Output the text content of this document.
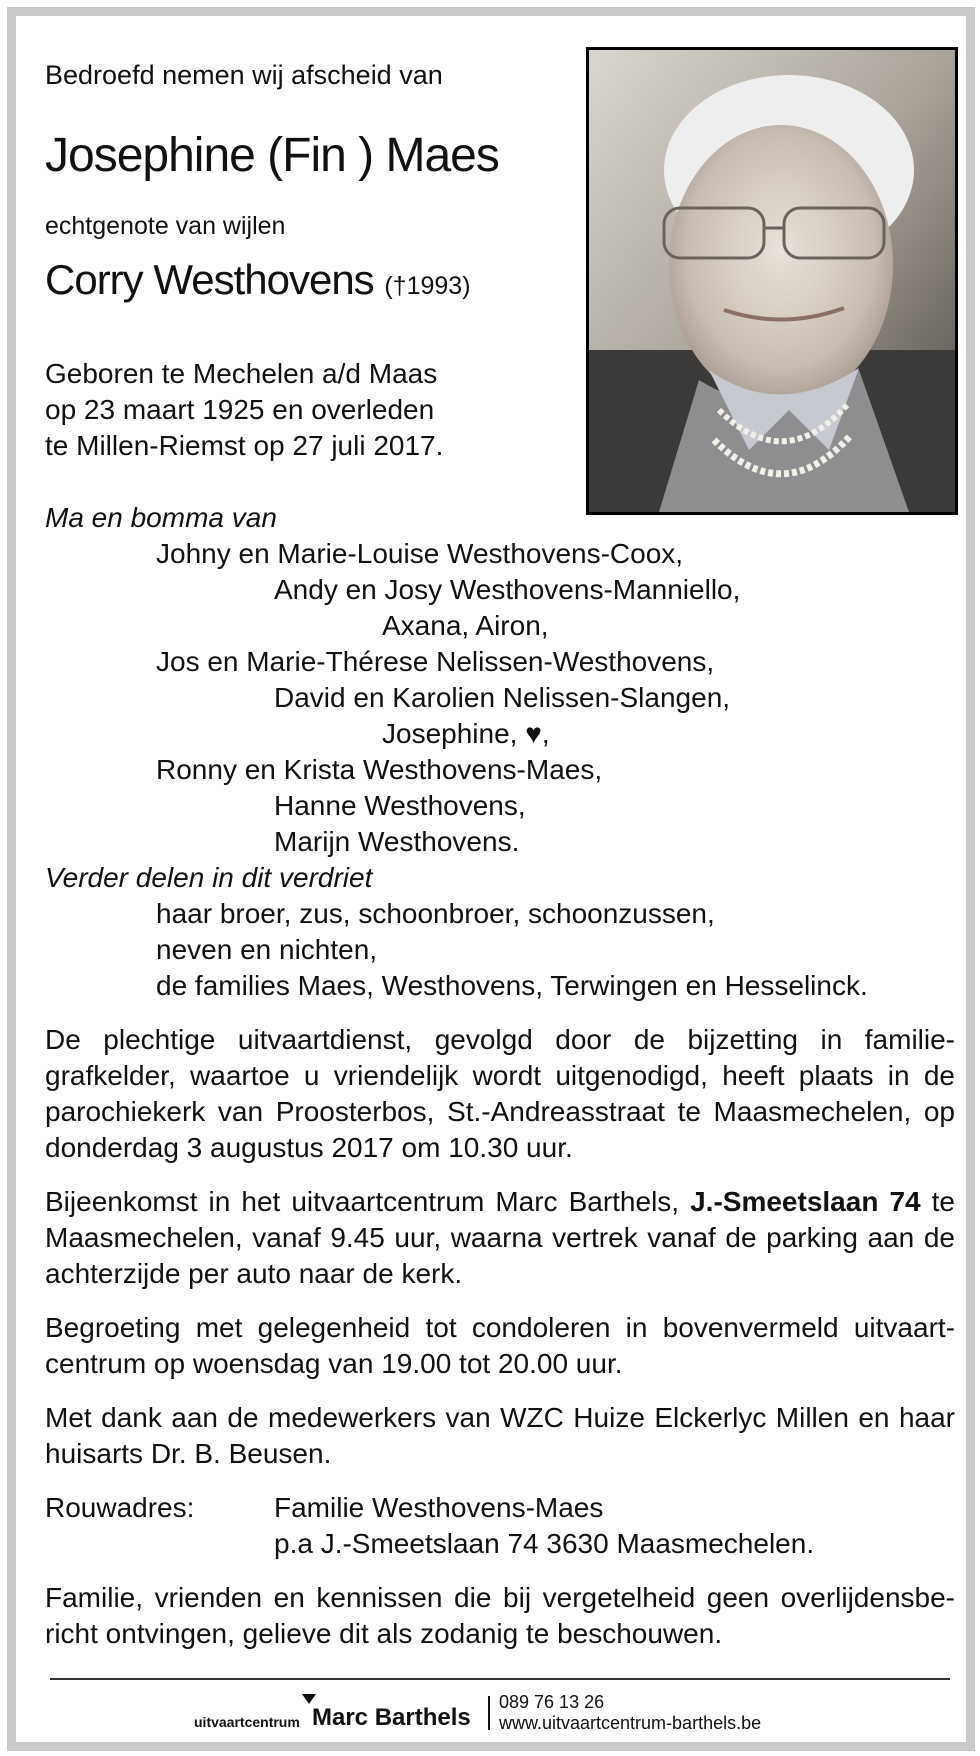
Bedroefd nemen wij afscheid van
Josephine (Fin ) Maes
echtgenote van wijlen
Corry Westhovens (†1993)
Geboren te Mechelen a/d Maas
op 23 maart 1925 en overleden
te Millen-Riemst op 27 juli 2017.
Ma en bomma van
Johny en Marie-Louise Westhovens-Coox,
Andy en Josy Westhovens-Manniello,
Axana, Airon,
Jos en Marie-Thérese Nelissen-Westhovens,
David en Karolien Nelissen-Slangen,
Josephine, ♥,
Ronny en Krista Westhovens-Maes,
Hanne Westhovens,
Marijn Westhovens.
Verder delen in dit verdriet
haar broer, zus, schoonbroer, schoonzussen,
neven en nichten,
de families Maes, Westhovens, Terwingen en Hesselinck.
De plechtige uitvaartdienst, gevolgd door de bijzetting in familie-grafkelder, waartoe u vriendelijk wordt uitgenodigd, heeft plaats in de parochiekerk van Proosterbos, St.-Andreasstraat te Maasmechelen, op donderdag 3 augustus 2017 om 10.30 uur.
Bijeenkomst in het uitvaartcentrum Marc Barthels, J.-Smeetslaan 74 te Maasmechelen, vanaf 9.45 uur, waarna vertrek vanaf de parking aan de achterzijde per auto naar de kerk.
Begroeting met gelegenheid tot condoleren in bovenvermeld uitvaart-centrum op woensdag van 19.00 tot 20.00 uur.
Met dank aan de medewerkers van WZC Huize Elckerlyc Millen en haar huisarts Dr. B. Beusen.
Rouwadres:	Familie Westhovens-Maes
p.a J.-Smeetslaan 74 3630 Maasmechelen.
Familie, vrienden en kennissen die bij vergetelheid geen overlijdensbe-richt ontvingen, gelieve dit als zodanig te beschouwen.
uitvaartcentrum Marc Barthels
089 76 13 26
www.uitvaartcentrum-barthels.be
